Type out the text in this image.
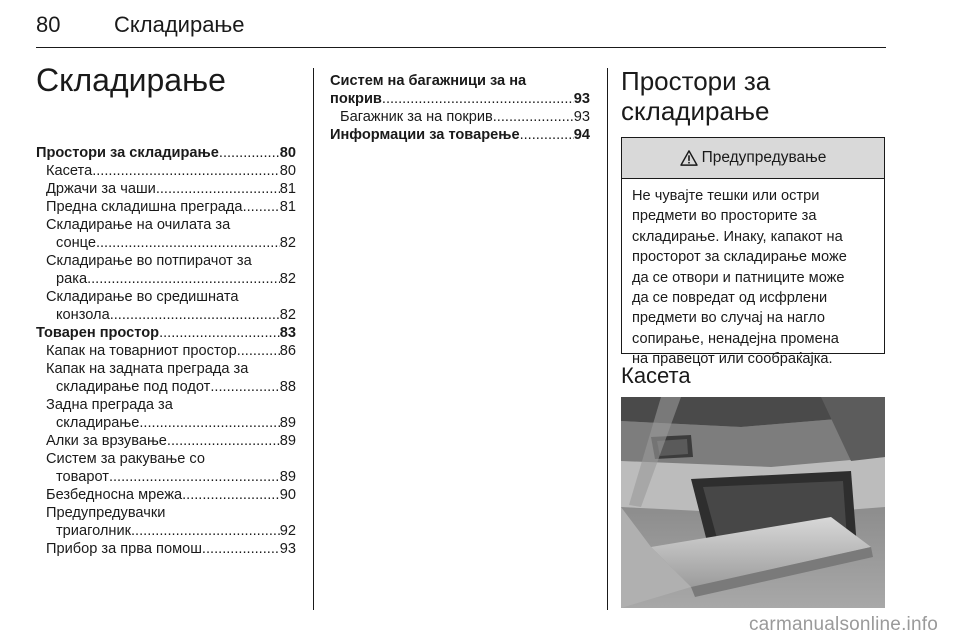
80 Складирање
Складирање
Простори за складирање .....	80
Касета .....	80
Држачи за чаши .....	81
Предна складишна преграда .....	81
Складирање на очилата за
сонце .....	82
Складирање во потпирачот за
рака .....	82
Складирање во средишната
конзола .....	82
Товарен простор .....	83
Капак на товарниот простор .....	86
Капак на задната преграда за
складирање под подот .....	88
Задна преграда за
складирање .....	89
Алки за врзување .....	89
Систем за ракување со
товарот .....	89
Безбедносна мрежа .....	90
Предупредувачки
триаголник .....	92
Прибор за прва помош .....	93
Систем на багажници за на
покрив .....	93
Багажник за на покрив .....	93
Информации за товарење .....	94
Простори за
складирање
Предупредување
Не чувајте тешки или остри
предмети во просторите за
складирање. Инаку, капакот на
просторот за складирање може
да се отвори и патниците може
да се повредат од исфрлени
предмети во случај на нагло
сопирање, ненадејна промена
на правецот или сообраќајка.
Касета
carmanualsonline.info
